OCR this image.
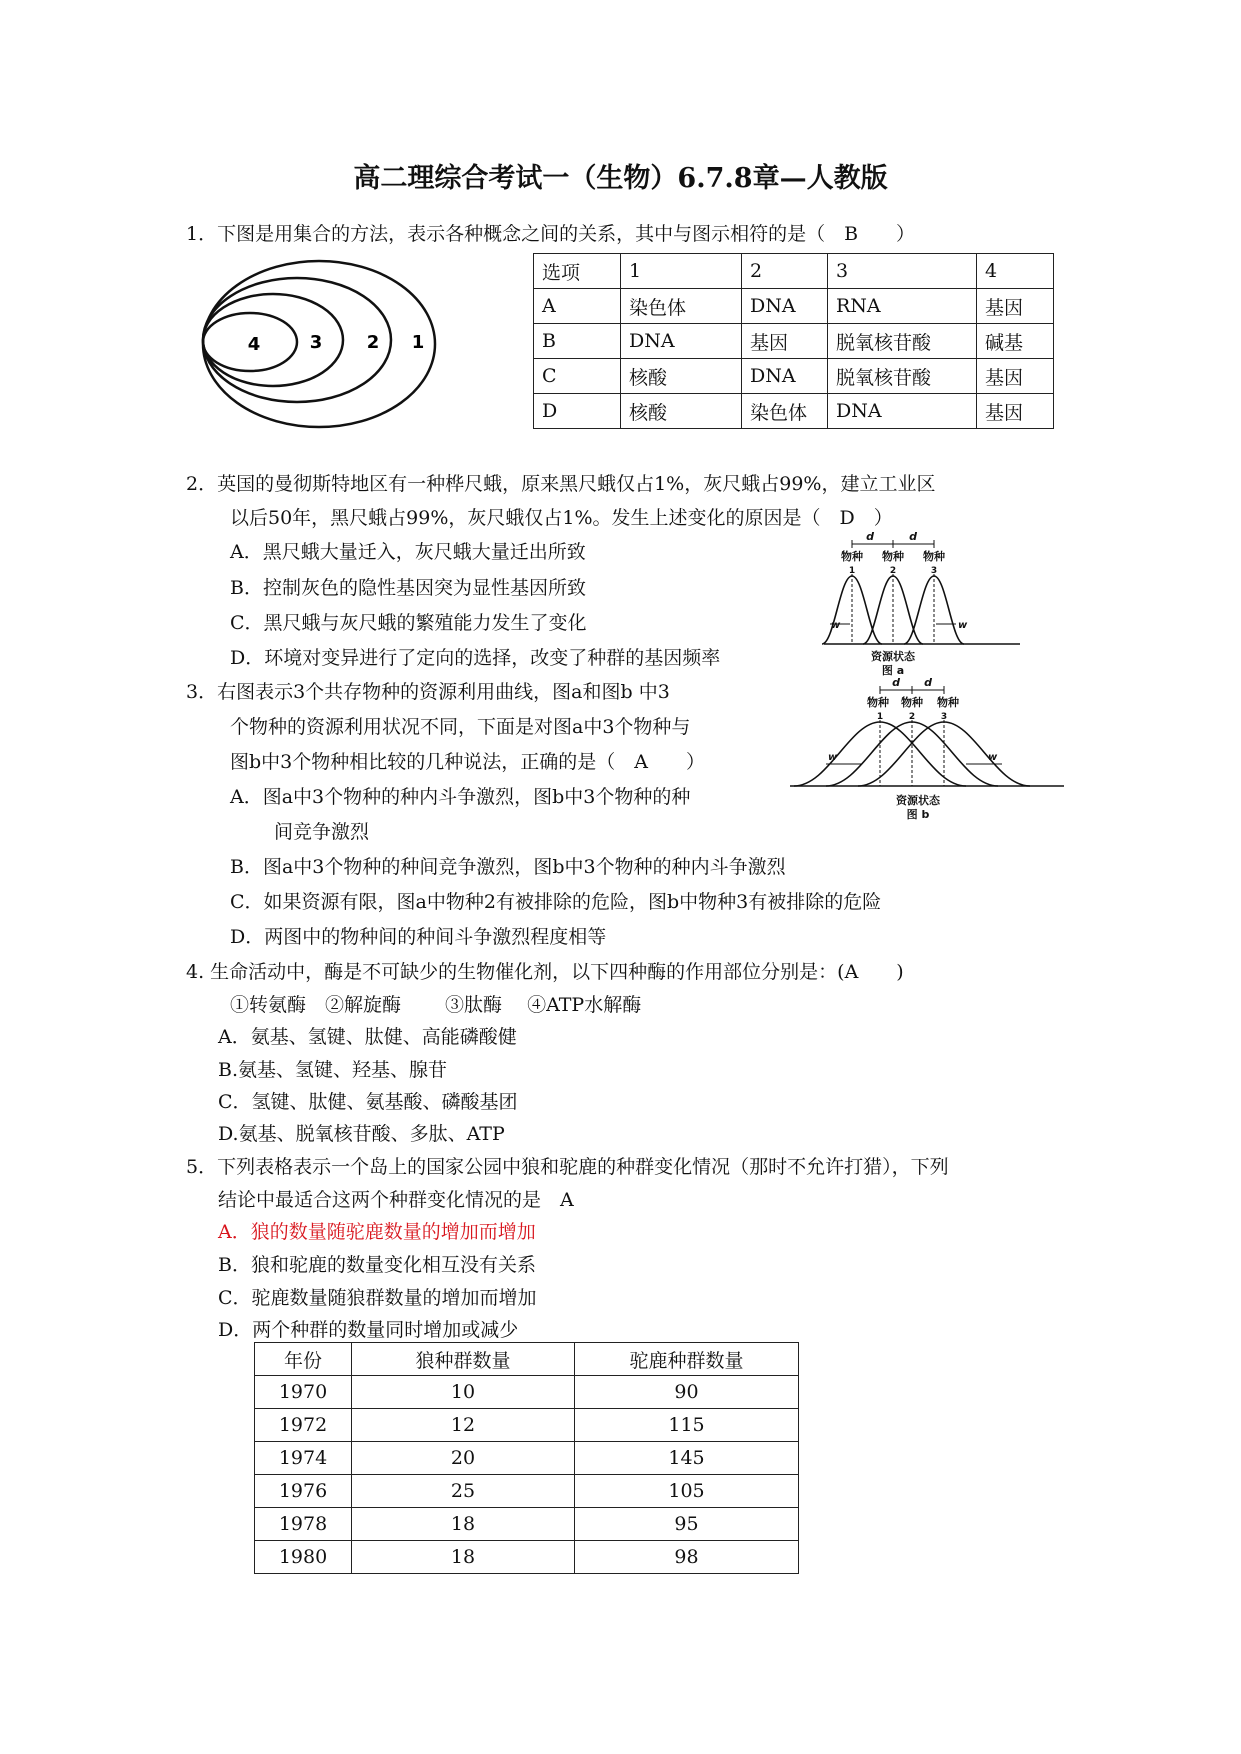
高二理综合考试一（生物）6.7.8章—人教版
1．下图是用集合的方法，表示各种概念之间的关系，其中与图示相符的是（　B　　）
4	3 2 1
选项	1	2	3	4
A	染色体	DNA	RNA	基因
B	DNA	基因	脱氧核苷酸	碱基
C	核酸	DNA	脱氧核苷酸	基因
D	核酸	染色体	DNA	基因
2．英国的曼彻斯特地区有一种桦尺蛾，原来黑尺蛾仅占1%，灰尺蛾占99%，建立工业区
以后50年，黑尺蛾占99%，灰尺蛾仅占1%。发生上述变化的原因是（　D　）
A．黑尺蛾大量迁入，灰尺蛾大量迁出所致
B．控制灰色的隐性基因突为显性基因所致
C．黑尺蛾与灰尺蛾的繁殖能力发生了变化
D．环境对变异进行了定向的选择，改变了种群的基因频率
d	d
物种 物种 物种
1	2	3
w	w
资源状态
图 a
3．右图表示3个共存物种的资源利用曲线，图a和图b 中3
个物种的资源利用状况不同，下面是对图a中3个物种与
图b中3个物种相比较的几种说法，正确的是（　A　　）
A．图a中3个物种的种内斗争激烈，图b中3个物种的种
间竞争激烈
B．图a中3个物种的种间竞争激烈，图b中3个物种的种内斗争激烈
C．如果资源有限，图a中物种2有被排除的危险，图b中物种3有被排除的危险
D．两图中的物种间的种间斗争激烈程度相等
d d
物种 物种 物种
1	2	3
w	w
资源状态
图 b
4. 生命活动中，酶是不可缺少的生物催化剂，以下四种酶的作用部位分别是：(A　　)
①转氨酶　②解旋酶　　 ③肽酶　 ④ATP水解酶
A．氨基、氢键、肽健、高能磷酸健
B.氨基、氢键、羟基、腺苷
C．氢键、肽健、氨基酸、磷酸基团
D.氨基、脱氧核苷酸、多肽、ATP
5．下列表格表示一个岛上的国家公园中狼和驼鹿的种群变化情况（那时不允许打猎），下列
结论中最适合这两个种群变化情况的是　A
A．狼的数量随驼鹿数量的增加而增加
B．狼和驼鹿的数量变化相互没有关系
C．驼鹿数量随狼群数量的增加而增加
D．两个种群的数量同时增加或减少
年份	狼种群数量	驼鹿种群数量
1970	10	90
1972	12	115
1974	20	145
1976	25	105
1978	18	95
1980	18	98
